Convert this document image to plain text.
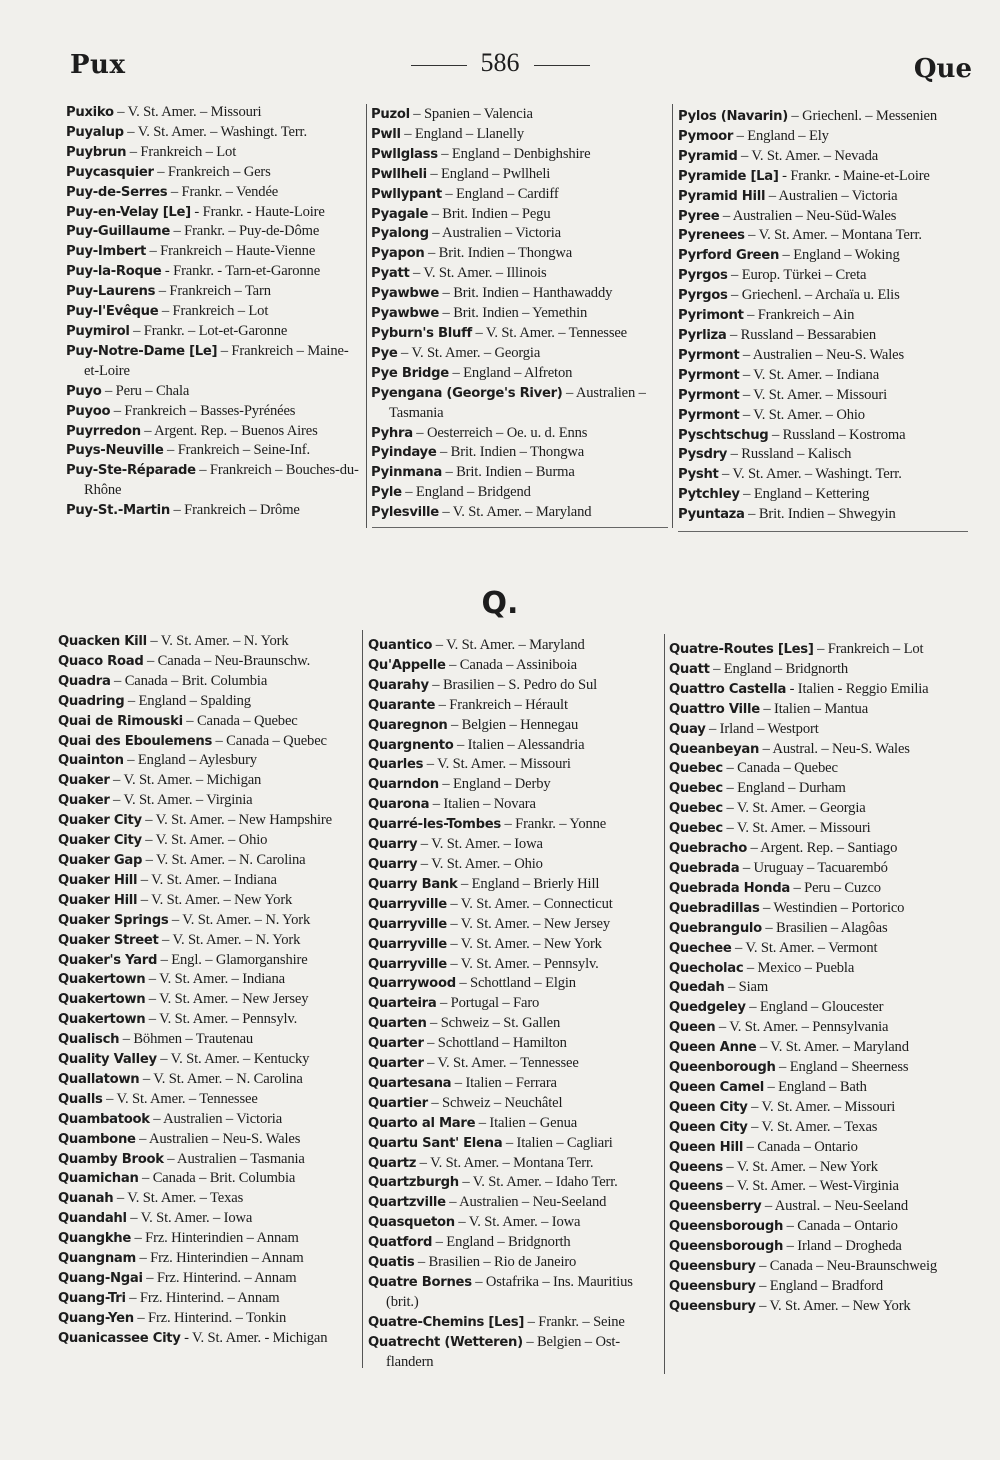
Pux	586	Que
Puxiko – V. St. Amer. – Missouri
Puyalup – V. St. Amer. – Washingt. Terr.
Puybrun – Frankreich – Lot
Puycasquier – Frankreich – Gers
Puy-de-Serres – Frankr. – Vendée
Puy-en-Velay [Le] - Frankr. - Haute-Loire
Puy-Guillaume – Frankr. – Puy-de-Dôme
Puy-Imbert – Frankreich – Haute-Vienne
Puy-la-Roque - Frankr. - Tarn-et-Garonne
Puy-Laurens – Frankreich – Tarn
Puy-l'Evêque – Frankreich – Lot
Puymirol – Frankr. – Lot-et-Garonne
Puy-Notre-Dame [Le] – Frankreich – Maine-et-Loire
Puyo – Peru – Chala
Puyoo – Frankreich – Basses-Pyrénées
Puyrredon – Argent. Rep. – Buenos Aires
Puys-Neuville – Frankreich – Seine-Inf.
Puy-Ste-Réparade – Frankreich – Bouches-du-Rhône
Puy-St.-Martin – Frankreich – Drôme
Puzol – Spanien – Valencia
Pwll – England – Llanelly
Pwllglass – England – Denbighshire
Pwllheli – England – Pwllheli
Pwllypant – England – Cardiff
Pyagale – Brit. Indien – Pegu
Pyalong – Australien – Victoria
Pyapon – Brit. Indien – Thongwa
Pyatt – V. St. Amer. – Illinois
Pyawbwe – Brit. Indien – Hanthawaddy
Pyawbwe – Brit. Indien – Yemethin
Pyburn's Bluff – V. St. Amer. – Tennessee
Pye – V. St. Amer. – Georgia
Pye Bridge – England – Alfreton
Pyengana (George's River) – Australien – Tasmania
Pyhra – Oesterreich – Oe. u. d. Enns
Pyindaye – Brit. Indien – Thongwa
Pyinmana – Brit. Indien – Burma
Pyle – England – Bridgend
Pylesville – V. St. Amer. – Maryland
Pylos (Navarin) – Griechenl. – Messenien
Pymoor – England – Ely
Pyramid – V. St. Amer. – Nevada
Pyramide [La] - Frankr. - Maine-et-Loire
Pyramid Hill – Australien – Victoria
Pyree – Australien – Neu-Süd-Wales
Pyrenees – V. St. Amer. – Montana Terr.
Pyrford Green – England – Woking
Pyrgos – Europ. Türkei – Creta
Pyrgos – Griechenl. – Archaïa u. Elis
Pyrimont – Frankreich – Ain
Pyrliza – Russland – Bessarabien
Pyrmont – Australien – Neu-S. Wales
Pyrmont – V. St. Amer. – Indiana
Pyrmont – V. St. Amer. – Missouri
Pyrmont – V. St. Amer. – Ohio
Pyschtschug – Russland – Kostroma
Pysdry – Russland – Kalisch
Pysht – V. St. Amer. – Washingt. Terr.
Pytchley – England – Kettering
Pyuntaza – Brit. Indien – Shwegyin
Q.
Quacken Kill – V. St. Amer. – N. York
Quaco Road – Canada – Neu-Braunschw.
Quadra – Canada – Brit. Columbia
Quadring – England – Spalding
Quai de Rimouski – Canada – Quebec
Quai des Eboulemens – Canada – Quebec
Quainton – England – Aylesbury
Quaker – V. St. Amer. – Michigan
Quaker – V. St. Amer. – Virginia
Quaker City – V. St. Amer. – New Hampshire
Quaker City – V. St. Amer. – Ohio
Quaker Gap – V. St. Amer. – N. Carolina
Quaker Hill – V. St. Amer. – Indiana
Quaker Hill – V. St. Amer. – New York
Quaker Springs – V. St. Amer. – N. York
Quaker Street – V. St. Amer. – N. York
Quaker's Yard – Engl. – Glamorganshire
Quakertown – V. St. Amer. – Indiana
Quakertown – V. St. Amer. – New Jersey
Quakertown – V. St. Amer. – Pennsylv.
Qualisch – Böhmen – Trautenau
Quality Valley – V. St. Amer. – Kentucky
Quallatown – V. St. Amer. – N. Carolina
Qualls – V. St. Amer. – Tennessee
Quambatook – Australien – Victoria
Quambone – Australien – Neu-S. Wales
Quamby Brook – Australien – Tasmania
Quamichan – Canada – Brit. Columbia
Quanah – V. St. Amer. – Texas
Quandahl – V. St. Amer. – Iowa
Quangkhe – Frz. Hinterindien – Annam
Quangnam – Frz. Hinterindien – Annam
Quang-Ngai – Frz. Hinterind. – Annam
Quang-Tri – Frz. Hinterind. – Annam
Quang-Yen – Frz. Hinterind. – Tonkin
Quanicassee City - V. St. Amer. - Michigan
Quantico – V. St. Amer. – Maryland
Qu'Appelle – Canada – Assiniboia
Quarahy – Brasilien – S. Pedro do Sul
Quarante – Frankreich – Hérault
Quaregnon – Belgien – Hennegau
Quargnento – Italien – Alessandria
Quarles – V. St. Amer. – Missouri
Quarndon – England – Derby
Quarona – Italien – Novara
Quarré-les-Tombes – Frankr. – Yonne
Quarry – V. St. Amer. – Iowa
Quarry – V. St. Amer. – Ohio
Quarry Bank – England – Brierly Hill
Quarryville – V. St. Amer. – Connecticut
Quarryville – V. St. Amer. – New Jersey
Quarryville – V. St. Amer. – New York
Quarryville – V. St. Amer. – Pennsylv.
Quarrywood – Schottland – Elgin
Quarteira – Portugal – Faro
Quarten – Schweiz – St. Gallen
Quarter – Schottland – Hamilton
Quarter – V. St. Amer. – Tennessee
Quartesana – Italien – Ferrara
Quartier – Schweiz – Neuchâtel
Quarto al Mare – Italien – Genua
Quartu Sant' Elena – Italien – Cagliari
Quartz – V. St. Amer. – Montana Terr.
Quartzburgh – V. St. Amer. – Idaho Terr.
Quartzville – Australien – Neu-Seeland
Quasqueton – V. St. Amer. – Iowa
Quatford – England – Bridgnorth
Quatis – Brasilien – Rio de Janeiro
Quatre Bornes – Ostafrika – Ins. Mauritius (brit.)
Quatre-Chemins [Les] – Frankr. – Seine
Quatrecht (Wetteren) – Belgien – Ost-flandern
Quatre-Routes [Les] – Frankreich – Lot
Quatt – England – Bridgnorth
Quattro Castella - Italien - Reggio Emilia
Quattro Ville – Italien – Mantua
Quay – Irland – Westport
Queanbeyan – Austral. – Neu-S. Wales
Quebec – Canada – Quebec
Quebec – England – Durham
Quebec – V. St. Amer. – Georgia
Quebec – V. St. Amer. – Missouri
Quebracho – Argent. Rep. – Santiago
Quebrada – Uruguay – Tacuarembó
Quebrada Honda – Peru – Cuzco
Quebradillas – Westindien – Portorico
Quebrangulo – Brasilien – Alagôas
Quechee – V. St. Amer. – Vermont
Quecholac – Mexico – Puebla
Quedah – Siam
Quedgeley – England – Gloucester
Queen – V. St. Amer. – Pennsylvania
Queen Anne – V. St. Amer. – Maryland
Queenborough – England – Sheerness
Queen Camel – England – Bath
Queen City – V. St. Amer. – Missouri
Queen City – V. St. Amer. – Texas
Queen Hill – Canada – Ontario
Queens – V. St. Amer. – New York
Queens – V. St. Amer. – West-Virginia
Queensberry – Austral. – Neu-Seeland
Queensborough – Canada – Ontario
Queensborough – Irland – Drogheda
Queensbury – Canada – Neu-Braunschweig
Queensbury – England – Bradford
Queensbury – V. St. Amer. – New York
